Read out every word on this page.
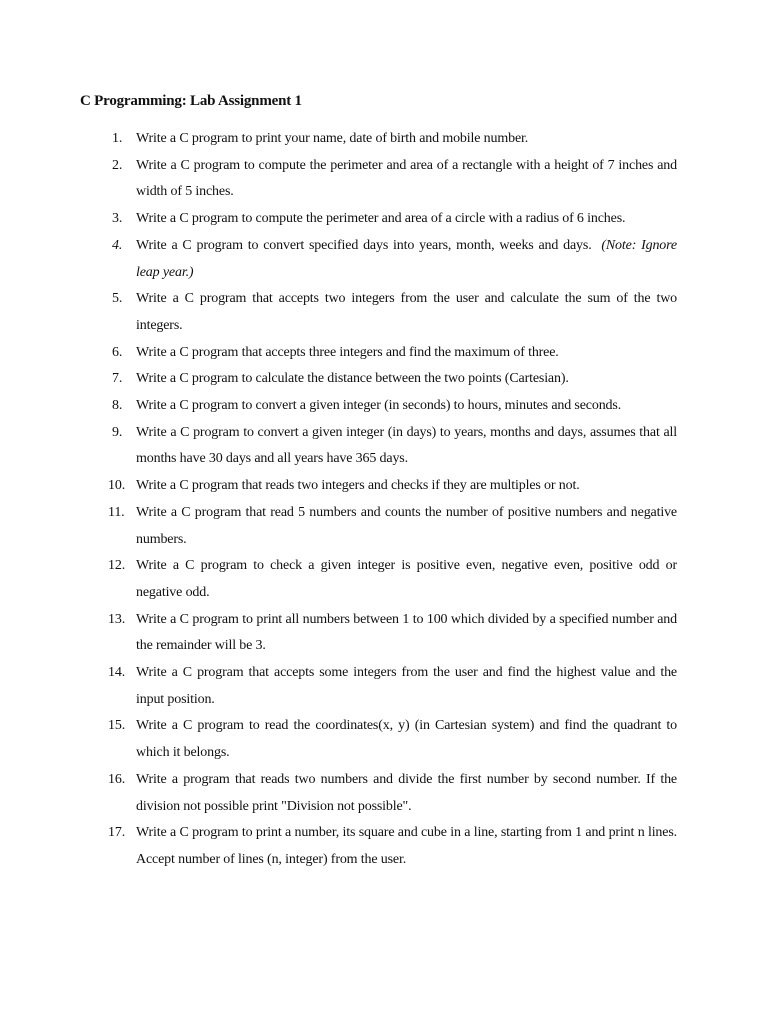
C Programming: Lab Assignment 1
1. Write a C program to print your name, date of birth and mobile number.
2. Write a C program to compute the perimeter and area of a rectangle with a height of 7 inches and width of 5 inches.
3. Write a C program to compute the perimeter and area of a circle with a radius of 6 inches.
4. Write a C program to convert specified days into years, month, weeks and days. (Note: Ignore leap year.)
5. Write a C program that accepts two integers from the user and calculate the sum of the two integers.
6. Write a C program that accepts three integers and find the maximum of three.
7. Write a C program to calculate the distance between the two points (Cartesian).
8. Write a C program to convert a given integer (in seconds) to hours, minutes and seconds.
9. Write a C program to convert a given integer (in days) to years, months and days, assumes that all months have 30 days and all years have 365 days.
10. Write a C program that reads two integers and checks if they are multiples or not.
11. Write a C program that read 5 numbers and counts the number of positive numbers and negative numbers.
12. Write a C program to check a given integer is positive even, negative even, positive odd or negative odd.
13. Write a C program to print all numbers between 1 to 100 which divided by a specified number and the remainder will be 3.
14. Write a C program that accepts some integers from the user and find the highest value and the input position.
15. Write a C program to read the coordinates(x, y) (in Cartesian system) and find the quadrant to which it belongs.
16. Write a program that reads two numbers and divide the first number by second number. If the division not possible print "Division not possible".
17. Write a C program to print a number, its square and cube in a line, starting from 1 and print n lines. Accept number of lines (n, integer) from the user.
